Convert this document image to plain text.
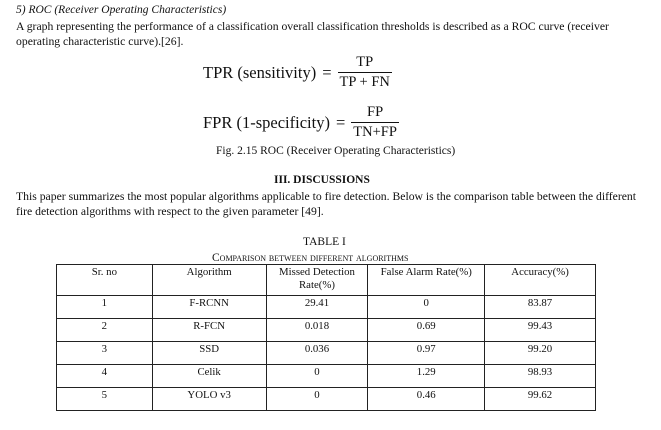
5) ROC (Receiver Operating Characteristics)
A graph representing the performance of a classification overall classification thresholds is described as a ROC curve (receiver operating characteristic curve).[26].
TPR (sensitivity) = $\frac{TP}{TP + FN}$
FPR (1-specificity) = $\frac{FP}{TN+FP}$
Fig. 2.15 ROC (Receiver Operating Characteristics)
III. DISCUSSIONS
This paper summarizes the most popular algorithms applicable to fire detection. Below is the comparison table between the different fire detection algorithms with respect to the given parameter [49].
TABLE I
Comparison between different algorithms
Sr. no	Algorithm	Missed Detection Rate(%)	False Alarm Rate(%)	Accuracy(%)
1	F-RCNN	29.41	0	83.87
2	R-FCN	0.018	0.69	99.43
3	SSD	0.036	0.97	99.20
4	Celik	0	1.29	98.93
5	YOLO v3	0	0.46	99.62
